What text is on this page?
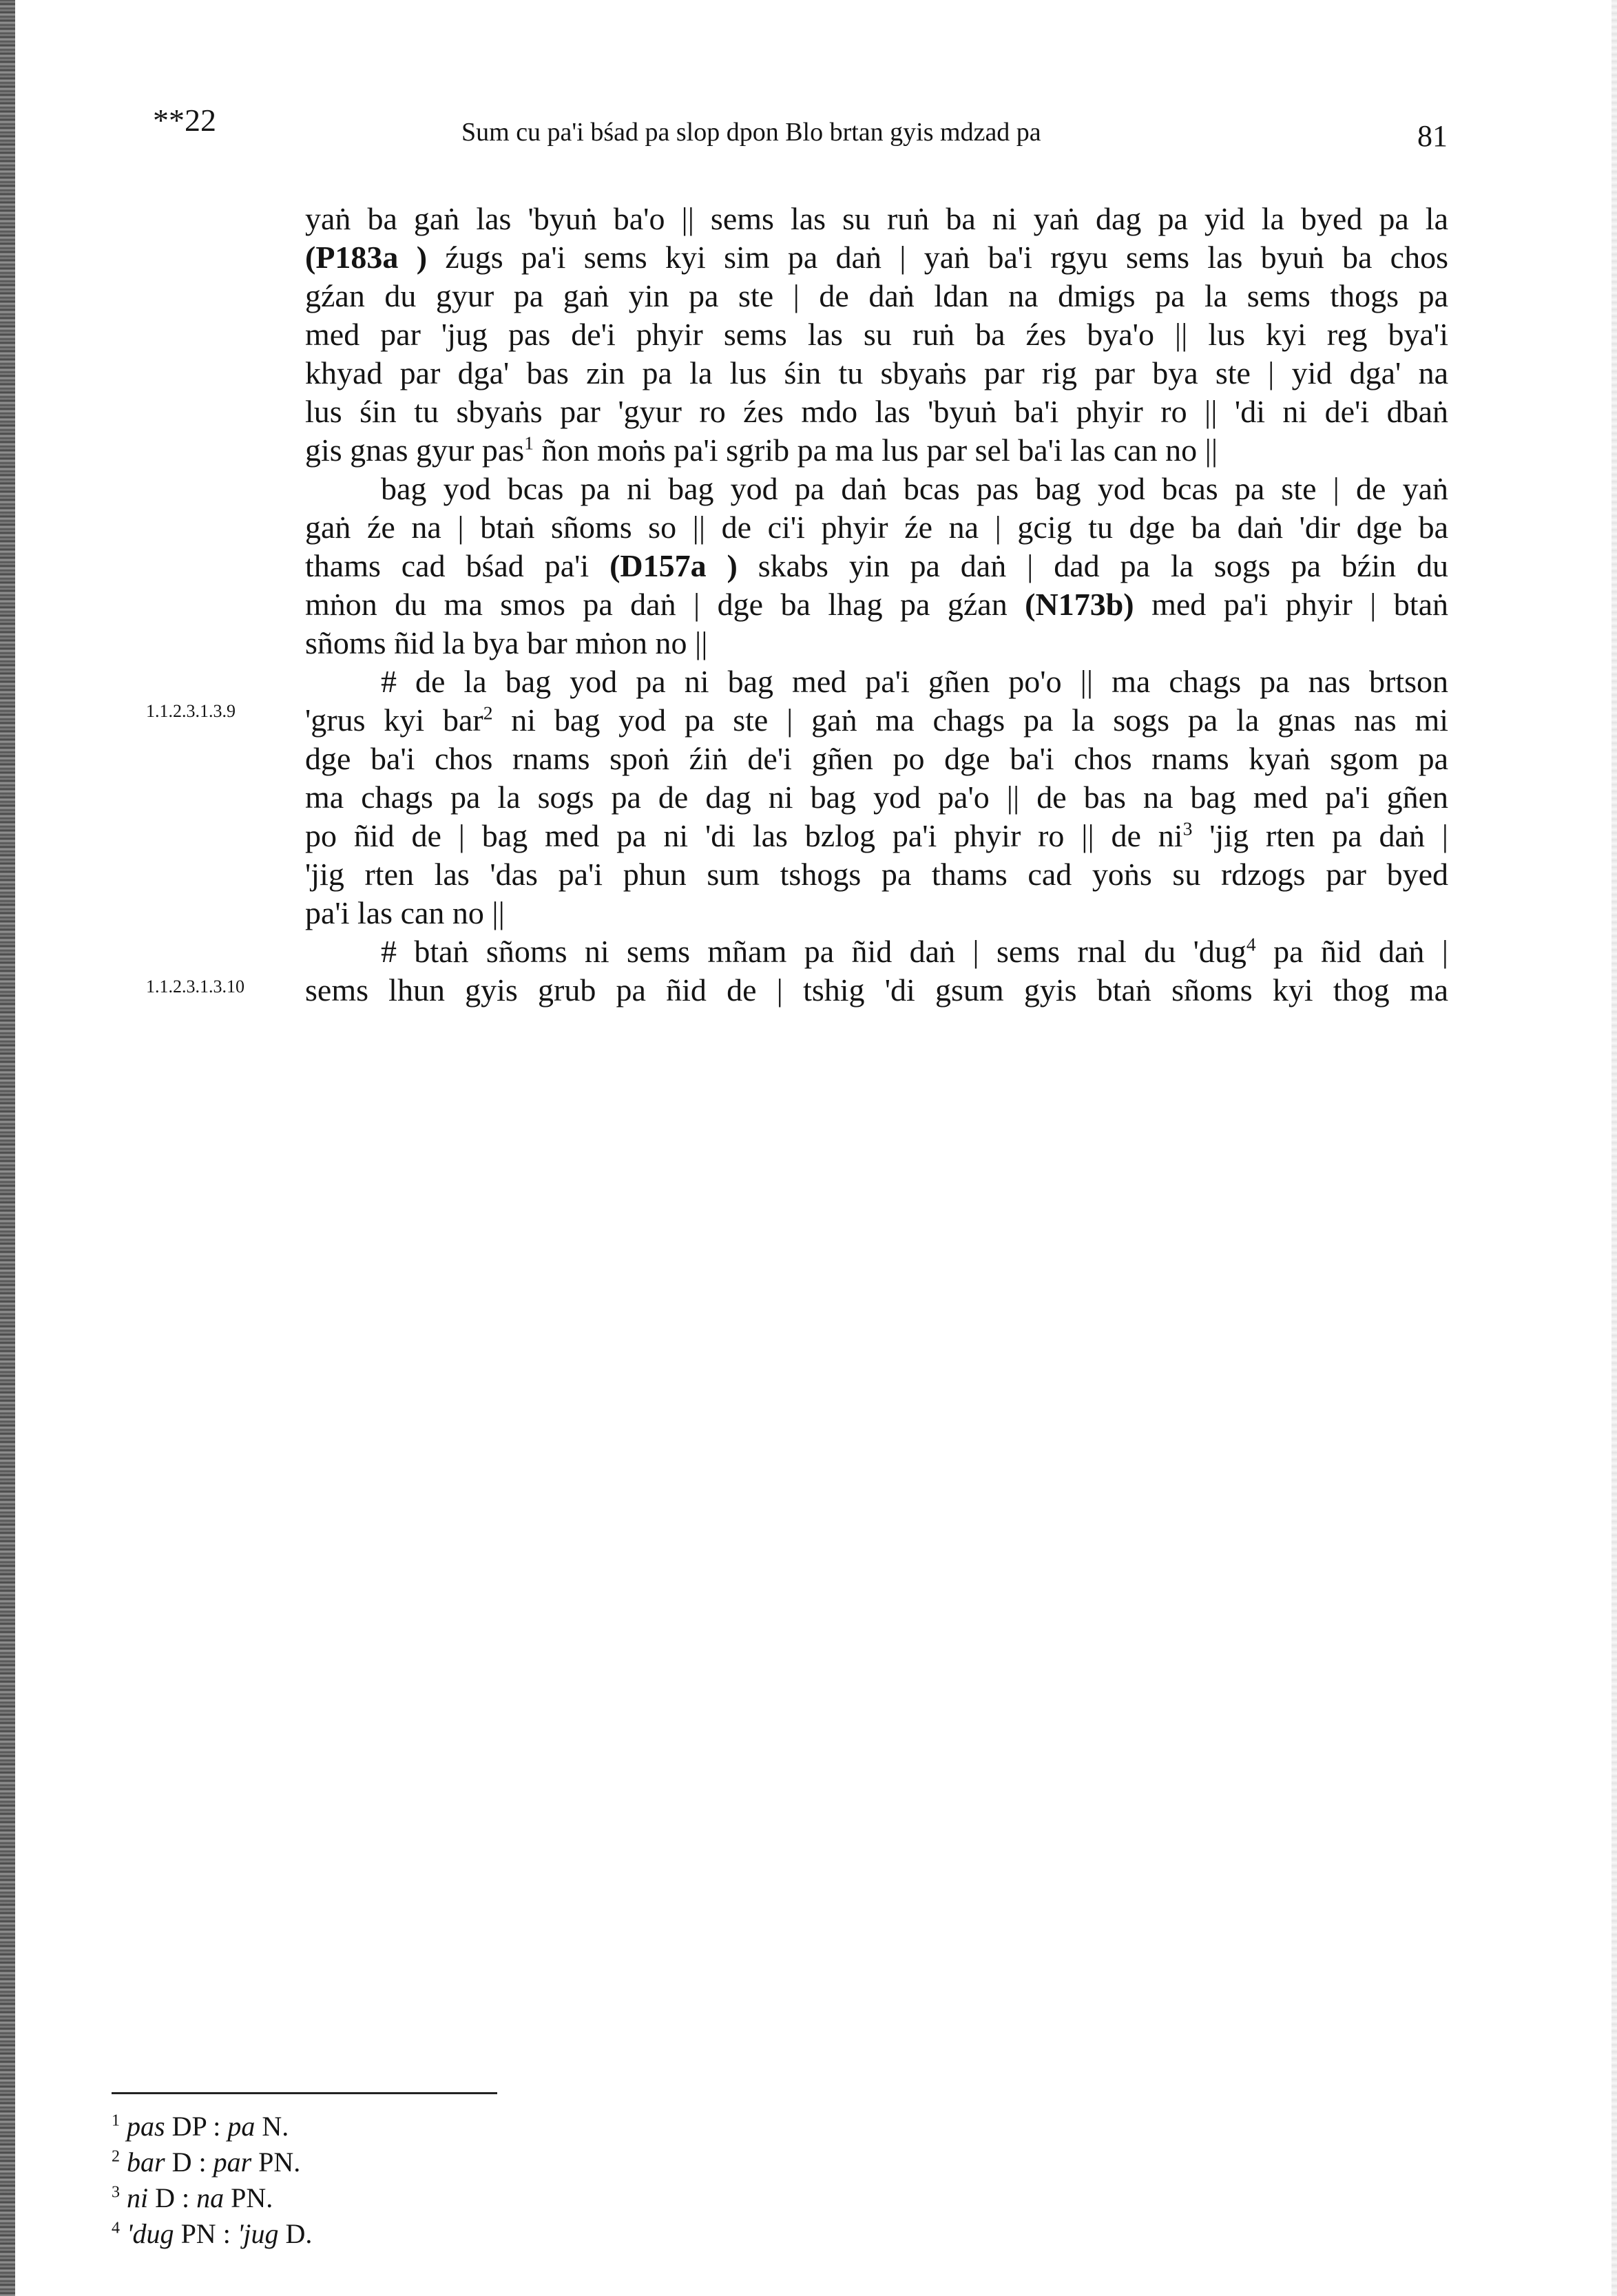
**22	Sum cu pa'i bśad pa slop dpon Blo brtan gyis mdzad pa	81
yaṅ ba gaṅ las 'byuṅ ba'o || sems las su ruṅ ba ni yaṅ dag pa yid la byed pa la
(P183a ) źugs pa'i sems kyi sim pa daṅ | yaṅ ba'i rgyu sems las byuṅ ba chos
gźan du gyur pa gaṅ yin pa ste | de daṅ ldan na dmigs pa la sems thogs pa
med par 'jug pas de'i phyir sems las su ruṅ ba źes bya'o || lus kyi reg bya'i
khyad par dga' bas zin pa la lus śin tu sbyaṅs par rig par bya ste | yid dga' na
lus śin tu sbyaṅs par 'gyur ro źes mdo las 'byuṅ ba'i phyir ro || 'di ni de'i dbaṅ
gis gnas gyur pas$^1$ ñon moṅs pa'i sgrib pa ma lus par sel ba'i las can no ||
bag yod bcas pa ni bag yod pa daṅ bcas pas bag yod bcas pa ste | de yaṅ
gaṅ źe na | btaṅ sñoms so || de ci'i phyir źe na | gcig tu dge ba daṅ 'dir dge ba
thams cad bśad pa'i (D157a ) skabs yin pa daṅ | dad pa la sogs pa bźin du
mṅon du ma smos pa daṅ | dge ba lhag pa gźan (N173b) med pa'i phyir | btaṅ
sñoms ñid la bya bar mṅon no ||
# de la bag yod pa ni bag med pa'i gñen po'o || ma chags pa nas brtson
'grus kyi bar$^2$ ni bag yod pa ste | gaṅ ma chags pa la sogs pa la gnas nas mi
dge ba'i chos rnams spoṅ źiṅ de'i gñen po dge ba'i chos rnams kyaṅ sgom pa
ma chags pa la sogs pa de dag ni bag yod pa'o || de bas na bag med pa'i gñen
po ñid de | bag med pa ni 'di las bzlog pa'i phyir ro || de $ni^3$ 'jig rten pa daṅ |
'jig rten las 'das pa'i phun sum tshogs pa thams cad yoṅs su rdzogs par byed
pa'i las can no ||
# btaṅ sñoms ni sems mñam pa ñid daṅ | sems rnal du 'dug$^4$ pa ñid daṅ |
sems lhun gyis grub pa ñid de | tshig 'di gsum gyis btaṅ sñoms kyi thog ma
1.1.2.3.1.3.9
1.1.2.3.1.3.10
$^1$ pas DP : pa N.
$^2$ bar D : par PN.
$^3$ ni D : na PN.
$^4$ 'dug PN : 'jug D.
